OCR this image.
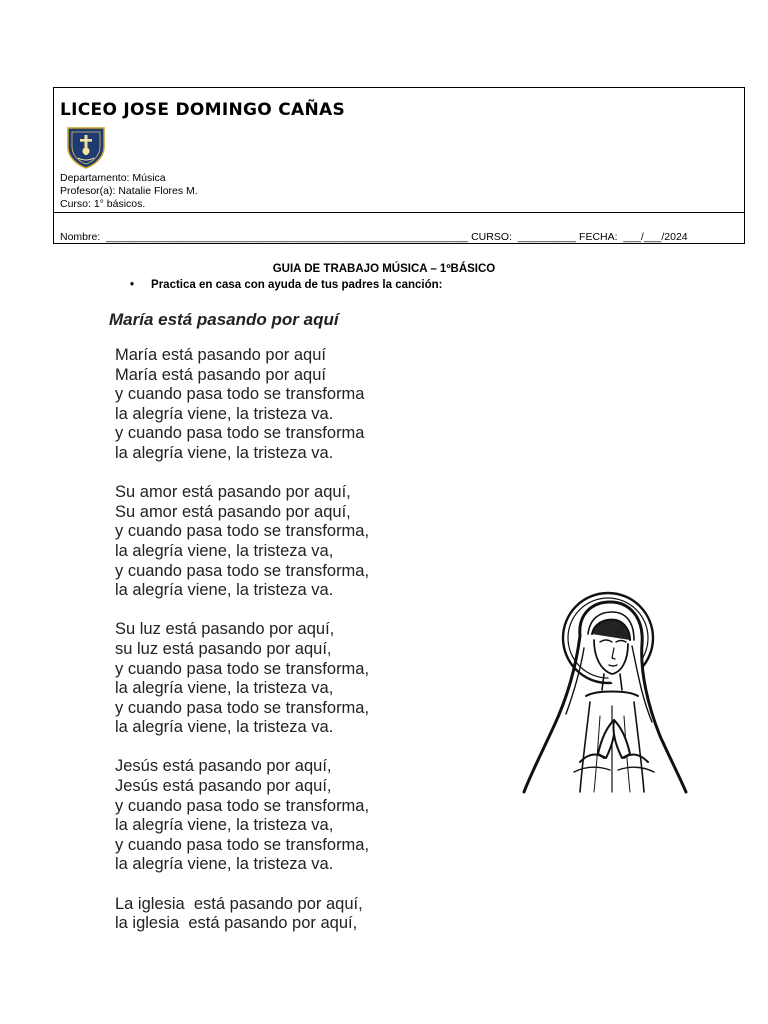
LICEO JOSE DOMINGO CAÑAS
Departamento: Música
Profesor(a): Natalie Flores M.
Curso: 1° básicos.
Nombre:  ______________________________________________________________ CURSO:  __________ FECHA:  ___/___/2024
GUIA DE TRABAJO MÚSICA – 1ºBÁSICO
• Practica en casa con ayuda de tus padres la canción:
María está pasando por aquí
María está pasando por aquí
María está pasando por aquí
y cuando pasa todo se transforma
la alegría viene, la tristeza va.
y cuando pasa todo se transforma
la alegría viene, la tristeza va.
Su amor está pasando por aquí,
Su amor está pasando por aquí,
y cuando pasa todo se transforma,
la alegría viene, la tristeza va,
y cuando pasa todo se transforma,
la alegría viene, la tristeza va.
Su luz está pasando por aquí,
su luz está pasando por aquí,
y cuando pasa todo se transforma,
la alegría viene, la tristeza va,
y cuando pasa todo se transforma,
la alegría viene, la tristeza va.
Jesús está pasando por aquí,
Jesús está pasando por aquí,
y cuando pasa todo se transforma,
la alegría viene, la tristeza va,
y cuando pasa todo se transforma,
la alegría viene, la tristeza va.
La iglesia  está pasando por aquí,
la iglesia  está pasando por aquí,
